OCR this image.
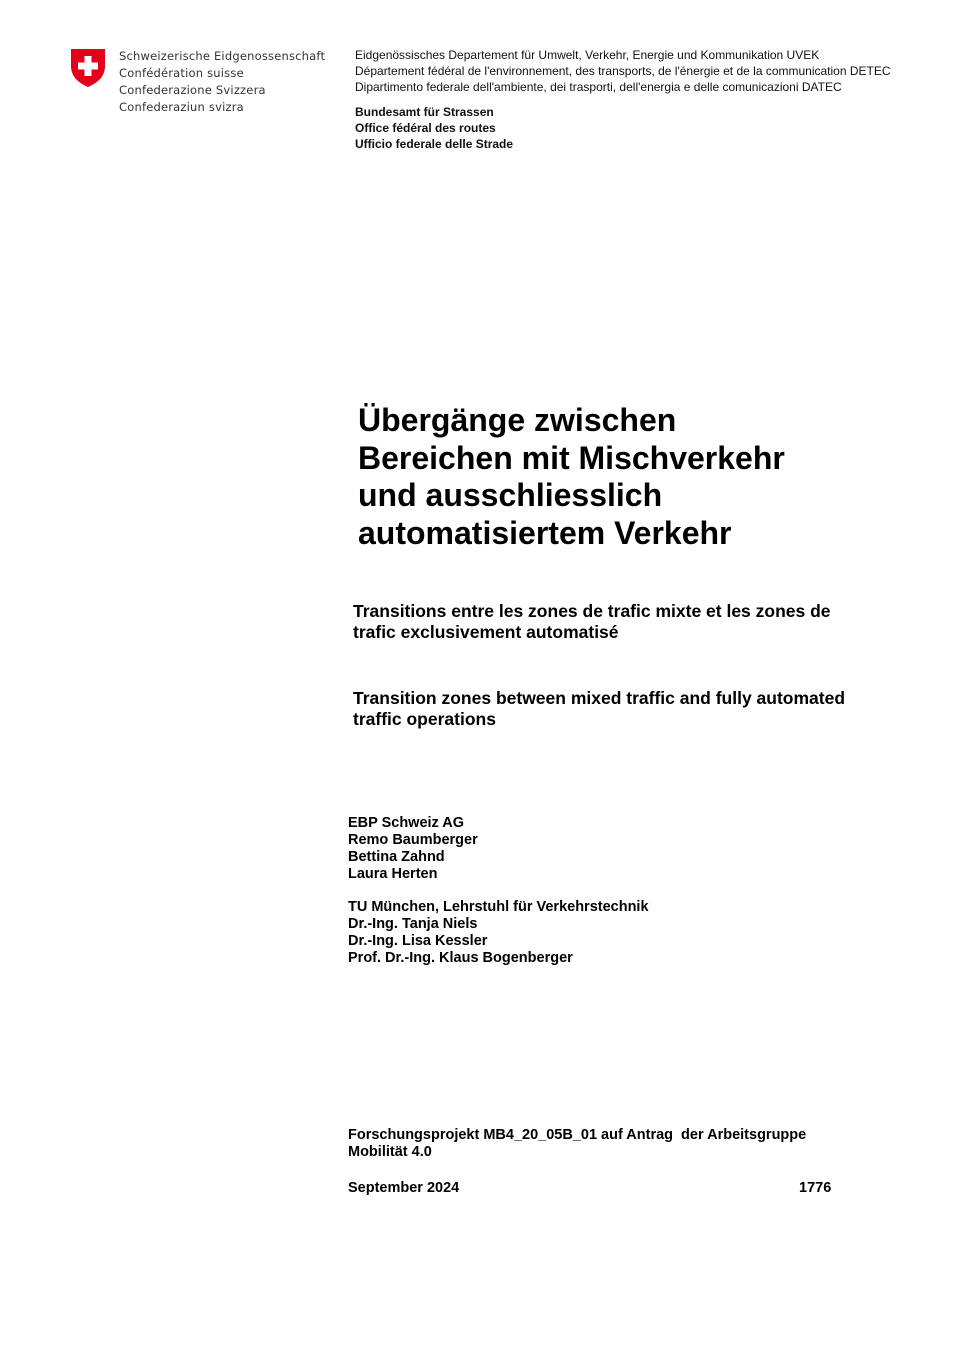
Schweizerische Eidgenossenschaft
Confédération suisse
Confederazione Svizzera
Confederaziun svizra
Eidgenössisches Departement für Umwelt, Verkehr, Energie und Kommunikation UVEK
Département fédéral de l'environnement, des transports, de l'énergie et de la communication DETEC
Dipartimento federale dell'ambiente, dei trasporti, dell'energia e delle comunicazioni DATEC
Bundesamt für Strassen
Office fédéral des routes
Ufficio federale delle Strade
Übergänge zwischen
Bereichen mit Mischverkehr
und ausschliesslich
automatisiertem Verkehr
Transitions entre les zones de trafic mixte et les zones de
trafic exclusivement automatisé
Transition zones between mixed traffic and fully automated
traffic operations
EBP Schweiz AG
Remo Baumberger
Bettina Zahnd
Laura Herten
TU München, Lehrstuhl für Verkehrstechnik
Dr.-Ing. Tanja Niels
Dr.-Ing. Lisa Kessler
Prof. Dr.-Ing. Klaus Bogenberger
Forschungsprojekt MB4_20_05B_01 auf Antrag  der Arbeitsgruppe
Mobilität 4.0
September 2024	1776
